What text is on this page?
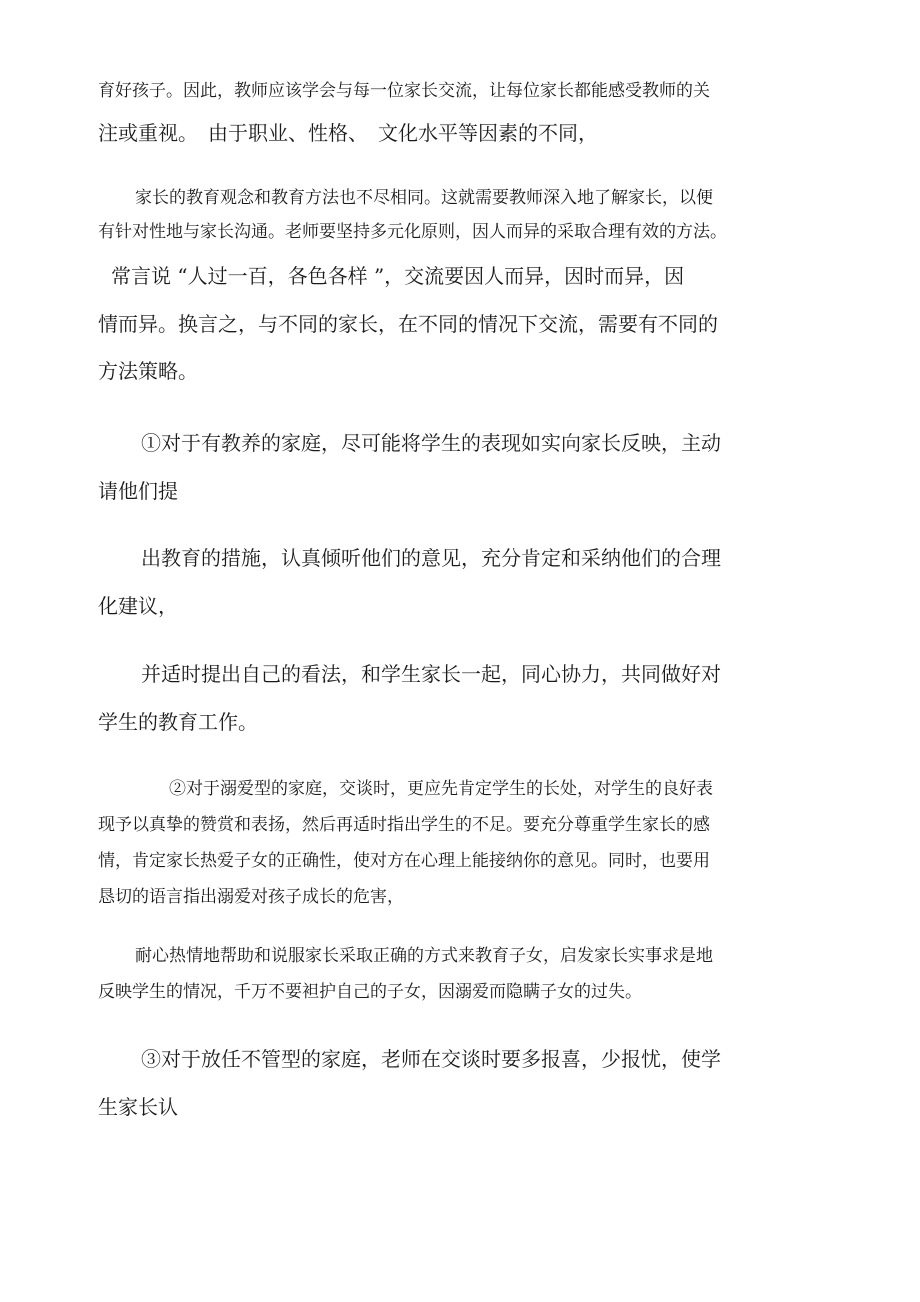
育好孩子。因此，教师应该学会与每一位家长交流，让每位家长都能感受教师的关
注或重视。　由于职业、性格、　文化水平等因素的不同，
家长的教育观念和教育方法也不尽相同。这就需要教师深入地了解家长，以便
有针对性地与家长沟通。老师要坚持多元化原则，因人而异的采取合理有效的方法。
常言说 “人过一百，各色各样 ”，交流要因人而异，因时而异，因
情而异。换言之，与不同的家长，在不同的情况下交流，需要有不同的
方法策略。
①对于有教养的家庭，尽可能将学生的表现如实向家长反映，主动
请他们提
出教育的措施，认真倾听他们的意见，充分肯定和采纳他们的合理
化建议，
并适时提出自己的看法，和学生家长一起，同心协力，共同做好对
学生的教育工作。
②对于溺爱型的家庭，交谈时，更应先肯定学生的长处，对学生的良好表
现予以真挚的赞赏和表扬，然后再适时指出学生的不足。要充分尊重学生家长的感
情，肯定家长热爱子女的正确性，使对方在心理上能接纳你的意见。同时，也要用
恳切的语言指出溺爱对孩子成长的危害，
耐心热情地帮助和说服家长采取正确的方式来教育子女，启发家长实事求是地
反映学生的情况，千万不要袒护自己的子女，因溺爱而隐瞒子女的过失。
③对于放任不管型的家庭，老师在交谈时要多报喜，少报忧，使学
生家长认
